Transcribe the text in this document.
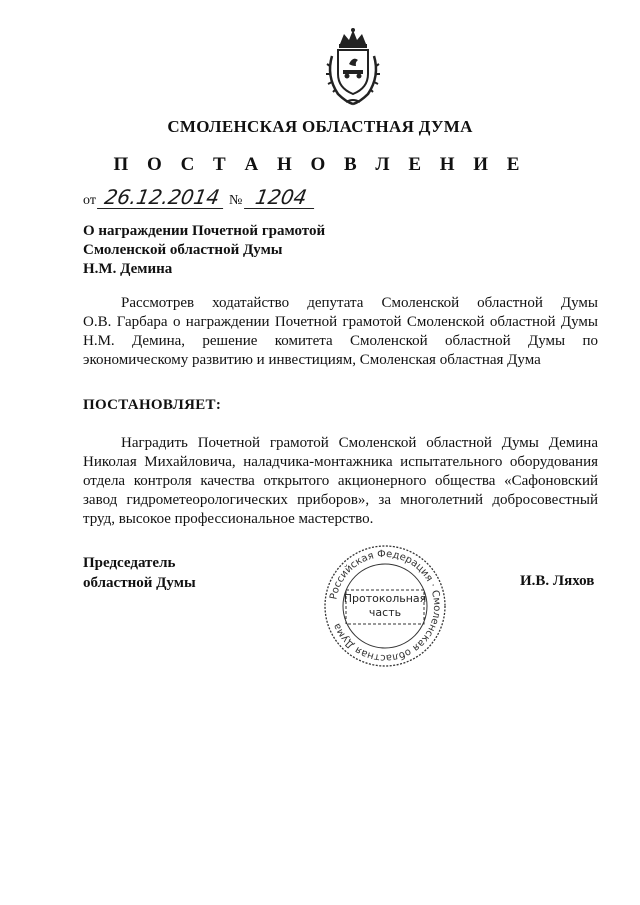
СМОЛЕНСКАЯ ОБЛАСТНАЯ ДУМА
П О С Т А Н О В Л Е Н И Е
от 26.12.2014 № 1204
О награждении Почетной грамотой
Смоленской областной Думы
Н.М. Демина
Рассмотрев ходатайство депутата Смоленской областной Думы
О.В. Гарбара о награждении Почетной грамотой Смоленской областной Думы
Н.М. Демина, решение комитета Смоленской областной Думы по
экономическому развитию и инвестициям, Смоленская областная Дума
ПОСТАНОВЛЯЕТ:
Наградить Почетной грамотой Смоленской областной Думы Демина
Николая Михайловича, наладчика-монтажника испытательного оборудования
отдела контроля качества открытого акционерного общества «Сафоновский
завод гидрометеорологических приборов», за многолетний добросовестный
труд, высокое профессиональное мастерство.
Председатель
областной Думы	И.В. Ляхов
Российская Федерация · Смоленская областная Дума
Протокольная
часть
